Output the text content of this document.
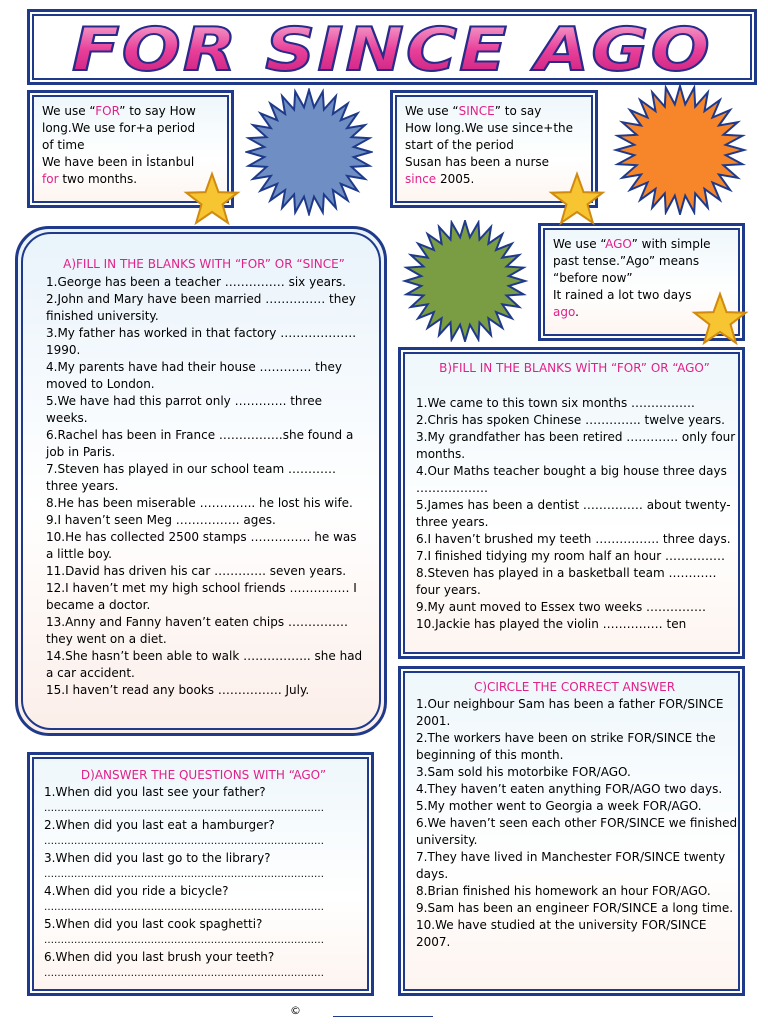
FOR SINCE AGO
We use “FOR” to say How
long.We use for+a period
of time
We have been in İstanbul
for two months.
We use “SINCE” to say
How long.We use since+the
start of the period
Susan has been a nurse
since 2005.
We use “AGO” with simple
past tense.”Ago” means
“before now”
It rained a lot two days
ago.
A)FILL IN THE BLANKS WITH “FOR” OR “SINCE”

1.George has been a teacher …………… six years.

2.John and Mary have been married …………… they finished university.

3.My father has worked in that factory ………………. 1990.

4.My parents have had their house …………. they moved to London.

5.We have had this parrot only …………. three weeks.

6.Rachel has been in France …………….she found a job in Paris.

7.Steven has played in our school team ………… three years.

8.He has been miserable ………….. he lost his wife.

9.I haven’t seen Meg ……………. ages.

10.He has collected 2500 stamps …………… he was a little boy.

11.David has driven his car …………. seven years.

12.I haven’t met my high school friends …………… I became a doctor.

13.Anny and Fanny haven’t eaten chips …………… they went on a diet.

14.She hasn’t been able to walk …………….. she had a car accident.

15.I haven’t read any books ……………. July.

B)FILL IN THE BLANKS WİTH “FOR” OR “AGO”

1.We came to this town six months …………….

2.Chris has spoken Chinese ………….. twelve years.

3.My grandfather has been retired …………. only four months.

4.Our Maths teacher bought a big house three days ………………

5.James has been a dentist …………… about twenty-three years.

6.I haven’t brushed my teeth ……………. three days.

7.I finished tidying my room half an hour ……………

8.Steven has played in a basketball team ………… four years.

9.My aunt moved to Essex two weeks ……………

10.Jackie has played the violin …………… ten

C)CIRCLE THE CORRECT ANSWER

1.Our neighbour Sam has been a father FOR/SINCE 2001.

2.The workers have been on strike FOR/SINCE the beginning of this month.

3.Sam sold his motorbike FOR/AGO.

4.They haven’t eaten anything FOR/AGO two days.

5.My mother went to Georgia a week FOR/AGO.

6.We haven’t seen each other FOR/SINCE we finished university.

7.They have lived in Manchester FOR/SINCE twenty days.

8.Brian finished his homework an hour FOR/AGO.

9.Sam has been an engineer FOR/SINCE a long time.

10.We have studied at the university FOR/SINCE 2007.

D)ANSWER THE QUESTIONS WITH “AGO”

1.When did you last see your father?

…………………………………………………………………………

2.When did you last eat a hamburger?

…………………………………………………………………………

3.When did you last go to the library?

…………………………………………………………………………

4.When did you ride a bicycle?

…………………………………………………………………………

5.When did you last cook spaghetti?

…………………………………………………………………………

6.When did you last brush your teeth?

…………………………………………………………………………

©
